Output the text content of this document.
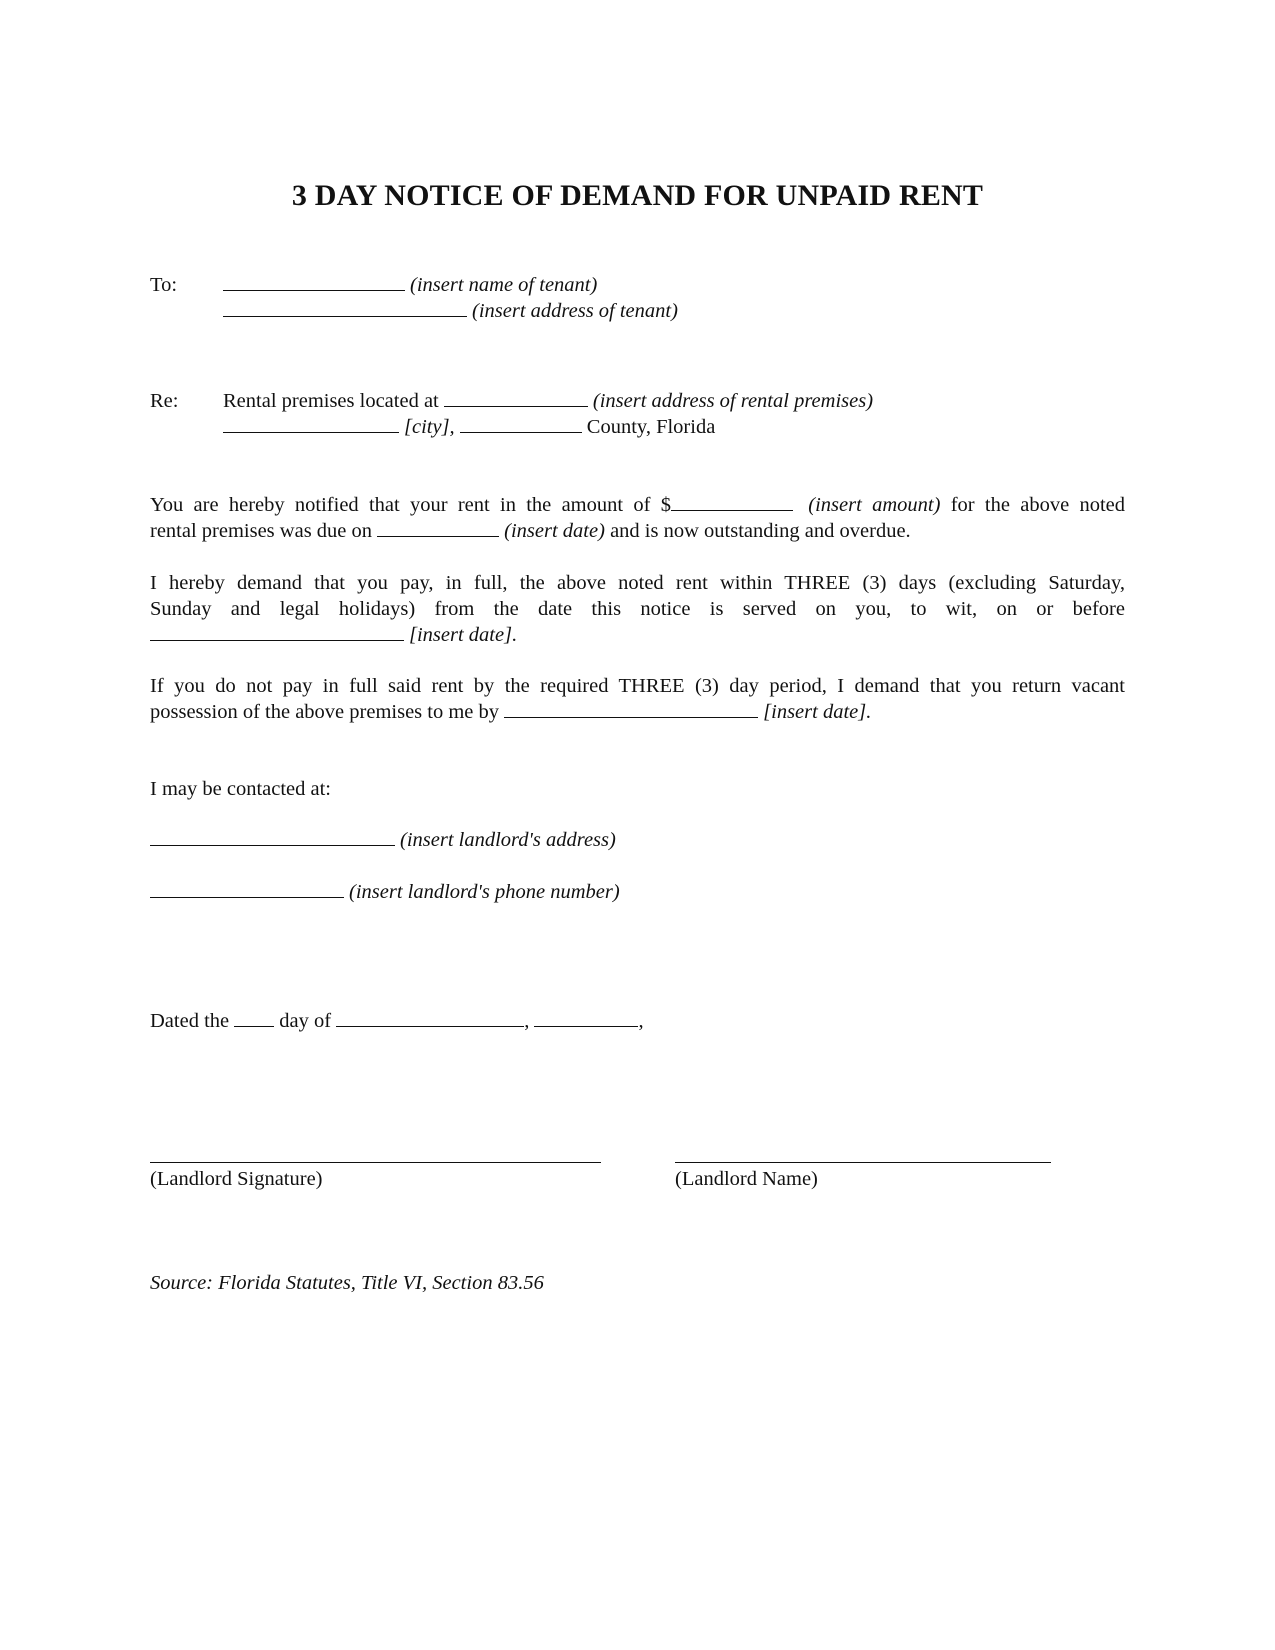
3 DAY NOTICE OF DEMAND FOR UNPAID RENT
To:	(insert name of tenant)
(insert address of tenant)
Re: Rental premises located at	(insert address of rental premises)
[city],	County, Florida
You are hereby notified that your rent in the amount of $	(insert amount) for the above noted
rental premises was due on	(insert date) and is now outstanding and overdue.
I hereby demand that you pay, in full, the above noted rent within THREE (3) days (excluding Saturday,
Sunday and legal holidays) from the date this notice is served on you, to wit, on or before
[insert date].
If you do not pay in full said rent by the required THREE (3) day period, I demand that you return vacant
possession of the above premises to me by	[insert date].
I may be contacted at:
(insert landlord's address)
(insert landlord's phone number)
Dated the day of	,	,
(Landlord Signature)	(Landlord Name)
Source: Florida Statutes, Title VI, Section 83.56
